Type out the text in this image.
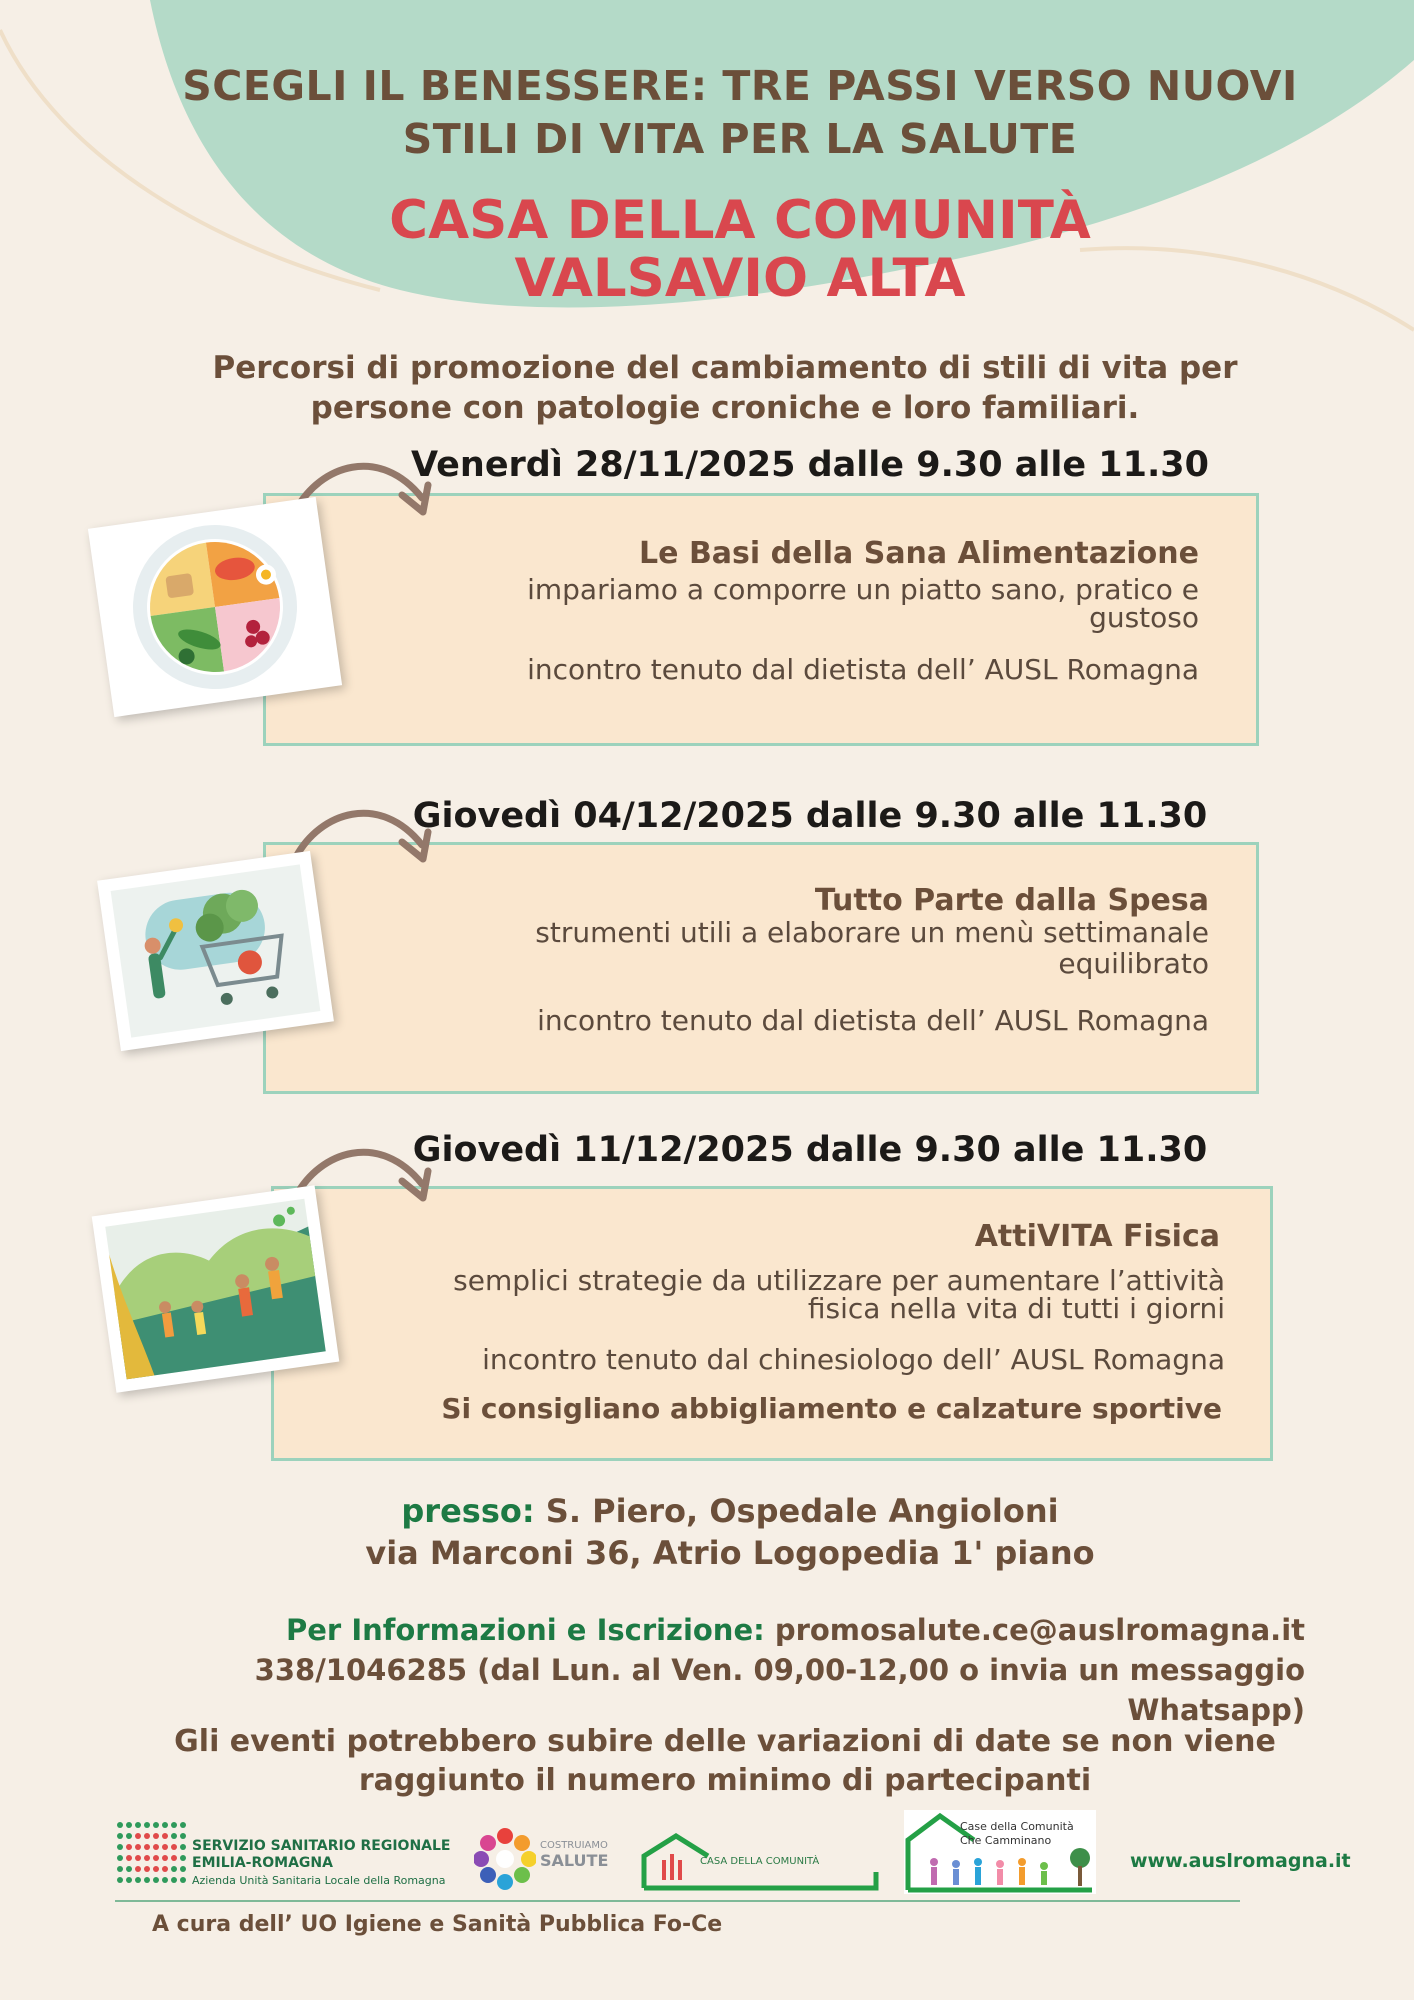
SCEGLI IL BENESSERE: TRE PASSI VERSO NUOVI
STILI DI VITA PER LA SALUTE
CASA DELLA COMUNITÀ
VALSAVIO ALTA
Percorsi di promozione del cambiamento di stili di vita per
persone con patologie croniche e loro familiari.
Venerdì 28/11/2025 dalle 9.30 alle 11.30
Le Basi della Sana Alimentazione
impariamo a comporre un piatto sano, pratico e
gustoso
incontro tenuto dal dietista dell’ AUSL Romagna
Giovedì 04/12/2025 dalle 9.30 alle 11.30
Tutto Parte dalla Spesa
strumenti utili a elaborare un menù settimanale
equilibrato
incontro tenuto dal dietista dell’ AUSL Romagna
Giovedì 11/12/2025 dalle 9.30 alle 11.30
AttiVITA Fisica
semplici strategie da utilizzare per aumentare l’attività
fisica nella vita di tutti i giorni
incontro tenuto dal chinesiologo dell’ AUSL Romagna
Si consigliano abbigliamento e calzature sportive
presso: S. Piero, Ospedale Angioloni
via Marconi 36, Atrio Logopedia 1' piano
Per Informazioni e Iscrizione: promosalute.ce@auslromagna.it
338/1046285 (dal Lun. al Ven. 09,00-12,00 o invia un messaggio Whatsapp)
Gli eventi potrebbero subire delle variazioni di date se non viene
raggiunto il numero minimo di partecipanti
SERVIZIO SANITARIO REGIONALE
EMILIA-ROMAGNA
Azienda Unità Sanitaria Locale della Romagna
COSTRUIAMO
SALUTE	CASA DELLA COMUNITÀ
Case della Comunità
Che Camminano
www.auslromagna.it
A cura dell’ UO Igiene e Sanità Pubblica Fo-Ce
